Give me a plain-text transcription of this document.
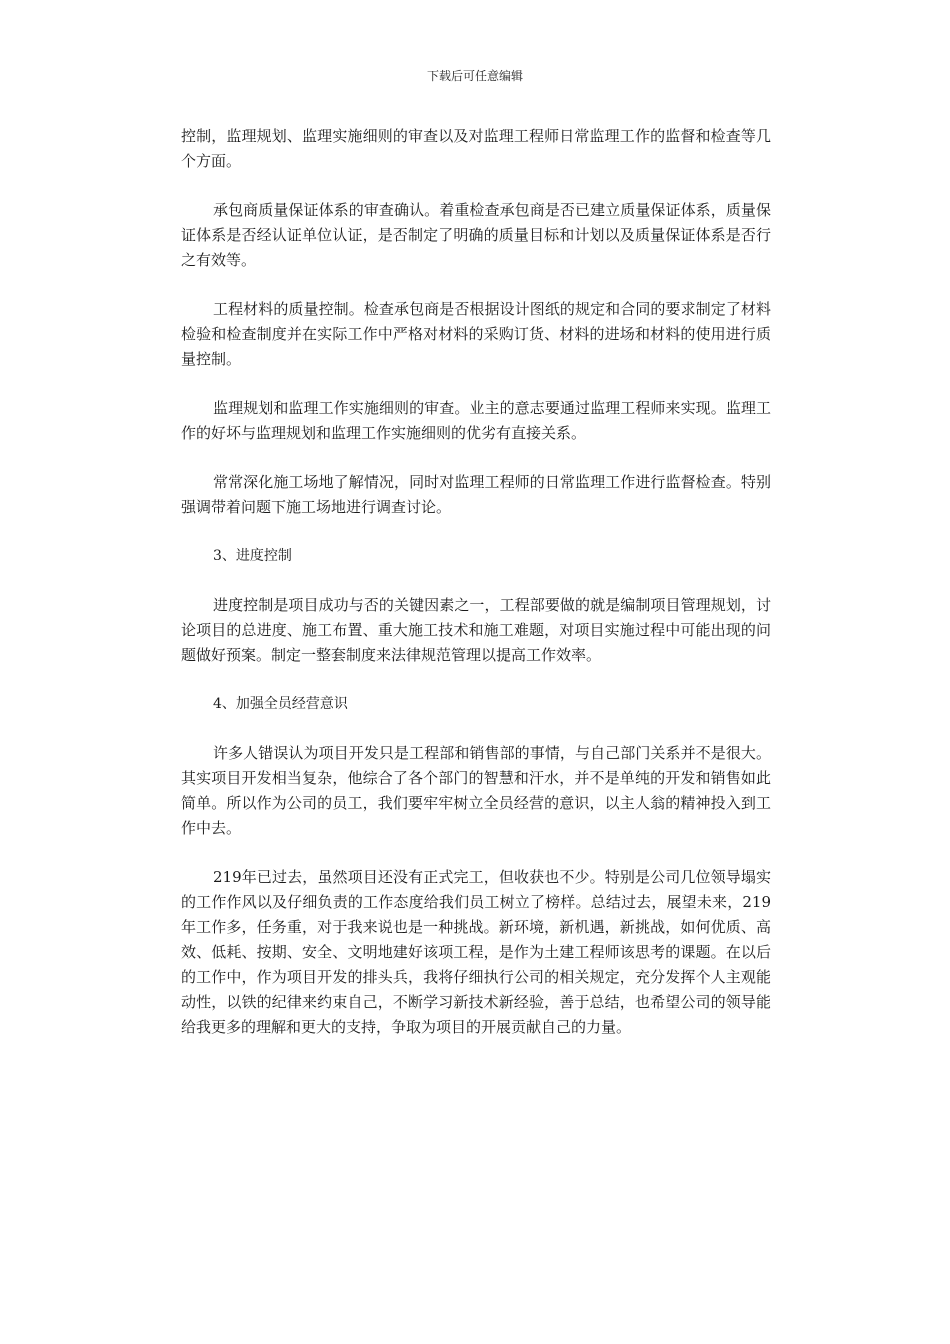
下载后可任意编辑

控制，监理规划、监理实施细则的审查以及对监理工程师日常监理工作的监督和检查等几个方面。

承包商质量保证体系的审查确认。着重检查承包商是否已建立质量保证体系，质量保证体系是否经认证单位认证，是否制定了明确的质量目标和计划以及质量保证体系是否行之有效等。

工程材料的质量控制。检查承包商是否根据设计图纸的规定和合同的要求制定了材料检验和检查制度并在实际工作中严格对材料的采购订货、材料的进场和材料的使用进行质量控制。

监理规划和监理工作实施细则的审查。业主的意志要通过监理工程师来实现。监理工作的好坏与监理规划和监理工作实施细则的优劣有直接关系。

常常深化施工场地了解情况，同时对监理工程师的日常监理工作进行监督检查。特别强调带着问题下施工场地进行调查讨论。

3、进度控制

进度控制是项目成功与否的关键因素之一，工程部要做的就是编制项目管理规划，讨论项目的总进度、施工布置、重大施工技术和施工难题，对项目实施过程中可能出现的问题做好预案。制定一整套制度来法律规范管理以提高工作效率。

4、加强全员经营意识

许多人错误认为项目开发只是工程部和销售部的事情，与自己部门关系并不是很大。其实项目开发相当复杂，他综合了各个部门的智慧和汗水，并不是单纯的开发和销售如此简单。所以作为公司的员工，我们要牢牢树立全员经营的意识，以主人翁的精神投入到工作中去。

219年已过去，虽然项目还没有正式完工，但收获也不少。特别是公司几位领导塌实的工作作风以及仔细负责的工作态度给我们员工树立了榜样。总结过去，展望未来，219年工作多，任务重，对于我来说也是一种挑战。新环境，新机遇，新挑战，如何优质、高效、低耗、按期、安全、文明地建好该项工程，是作为土建工程师该思考的课题。在以后的工作中，作为项目开发的排头兵，我将仔细执行公司的相关规定，充分发挥个人主观能动性，以铁的纪律来约束自己，不断学习新技术新经验，善于总结，也希望公司的领导能给我更多的理解和更大的支持，争取为项目的开展贡献自己的力量。
